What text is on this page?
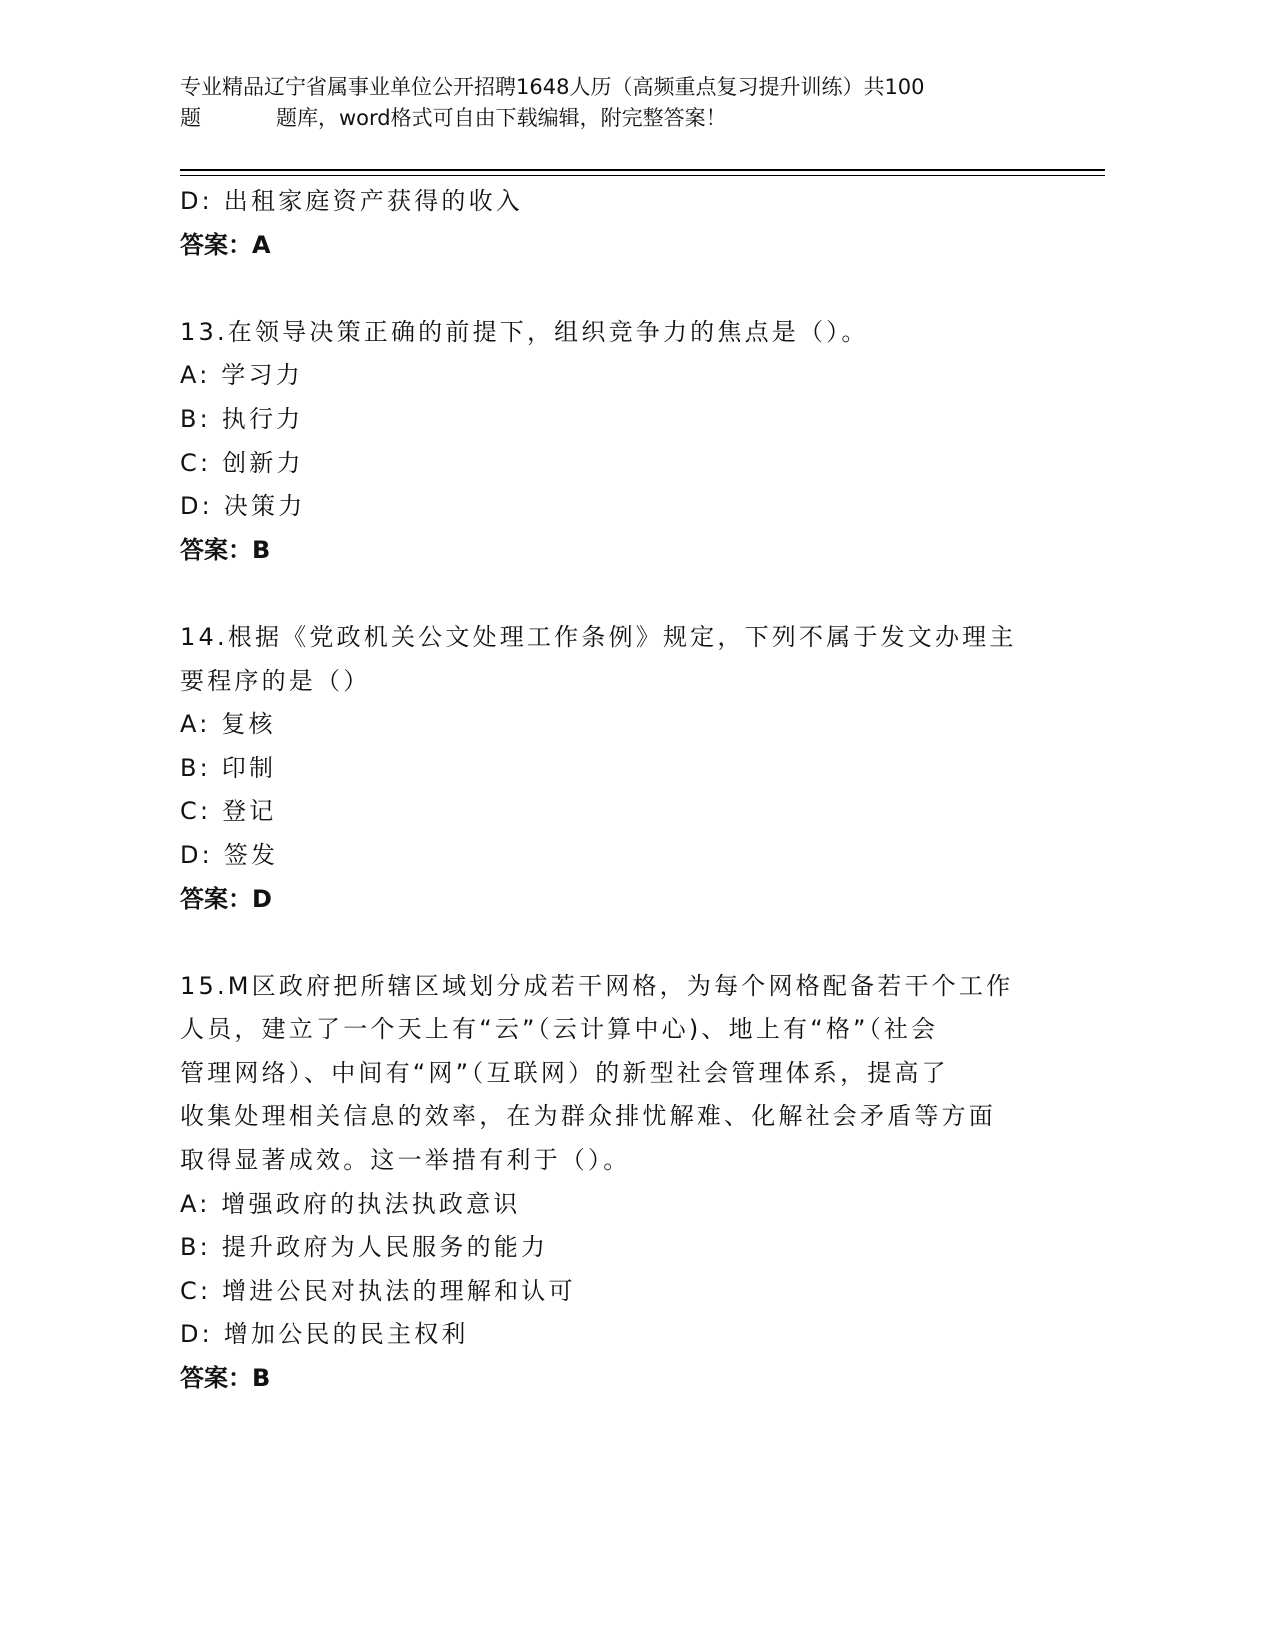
专业精品辽宁省属事业单位公开招聘1648人历（高频重点复习提升训练）共100
题	题库，word格式可自由下载编辑，附完整答案！
D: 出租家庭资产获得的收入
答案：A
13.在领导决策正确的前提下，组织竞争力的焦点是（）。
A: 学习力
B: 执行力
C: 创新力
D: 决策力
答案：B
14.根据《党政机关公文处理工作条例》规定，下列不属于发文办理主
要程序的是（）
A: 复核
B: 印制
C: 登记
D: 签发
答案：D
15.M区政府把所辖区域划分成若干网格，为每个网格配备若干个工作
人员，建立了一个天上有“云”（云计算中心)、地上有“格”（社会
管理网络）、中间有“网”（互联网）的新型社会管理体系，提高了
收集处理相关信息的效率，在为群众排忧解难、化解社会矛盾等方面
取得显著成效。这一举措有利于（）。
A: 增强政府的执法执政意识
B: 提升政府为人民服务的能力
C: 增进公民对执法的理解和认可
D: 增加公民的民主权利
答案：B
